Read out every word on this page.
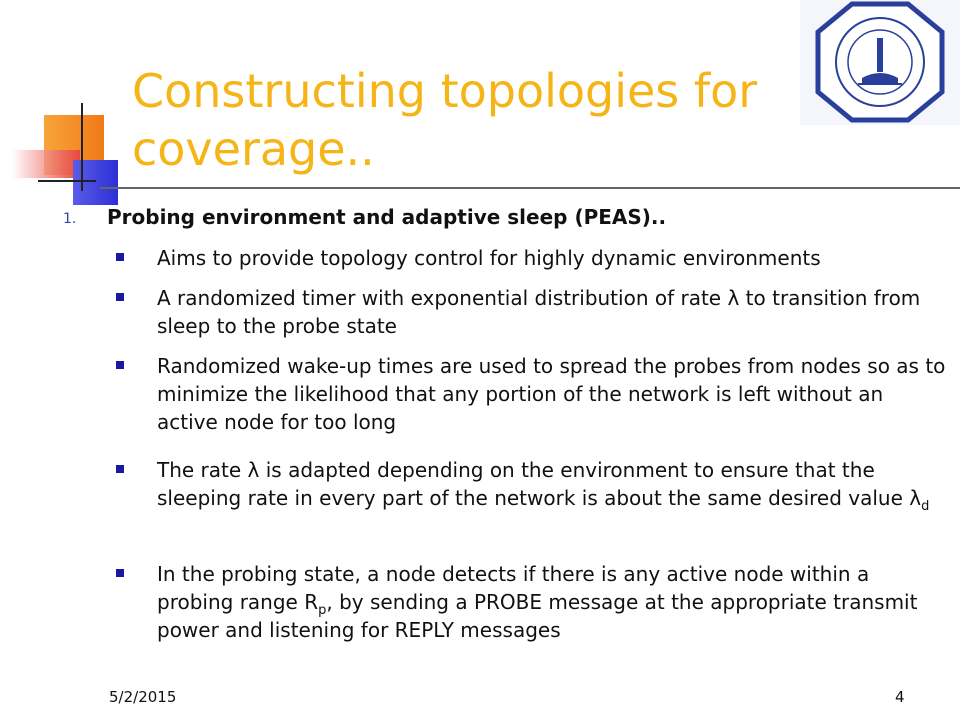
Constructing topologies for coverage..
1. Probing environment and adaptive sleep (PEAS)..
Aims to provide topology control for highly dynamic environments
A randomized timer with exponential distribution of rate λ to transition from sleep to the probe state
Randomized wake-up times are used to spread the probes from nodes so as to minimize the likelihood that any portion of the network is left without an active node for too long
The rate λ is adapted depending on the environment to ensure that the sleeping rate in every part of the network is about the same desired value $\lambda_d$
In the probing state, a node detects if there is any active node within a probing range $R_p$, by sending a PROBE message at the appropriate transmit power and listening for REPLY messages
5/2/2015	4
